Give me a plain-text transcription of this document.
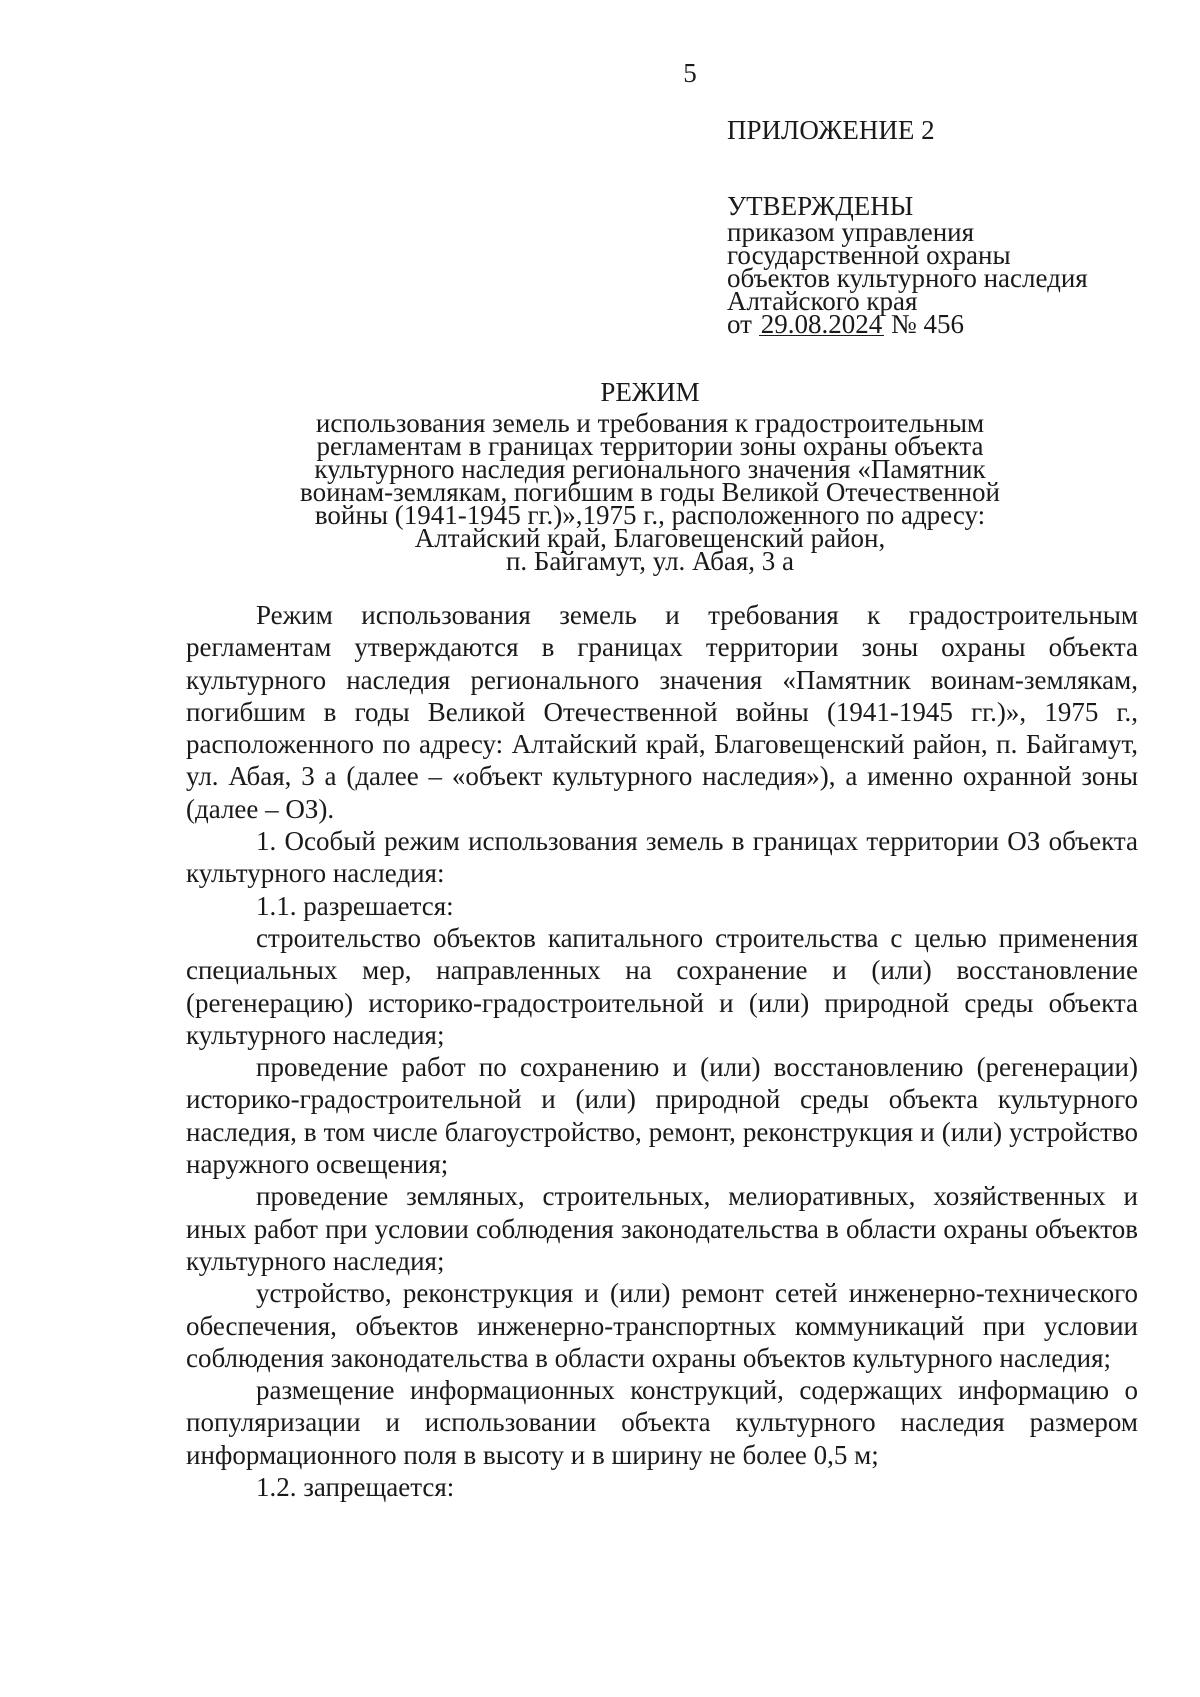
5

ПРИЛОЖЕНИЕ 2

УТВЕРЖДЕНЫ

приказом управления

государственной охраны

объектов культурного наследия

Алтайского края

от 29.08.2024 № 456

РЕЖИМ

использования земель и требования к градостроительным

регламентам в границах территории зоны охраны объекта

культурного наследия регионального значения «Памятник

воинам-землякам, погибшим в годы Великой Отечественной

войны (1941-1945 гг.)»,1975 г., расположенного по адресу:

Алтайский край, Благовещенский район,

п. Байгамут, ул. Абая, 3 а

Режим использования земель и требования к градостроительным регламентам утверждаются в границах территории зоны охраны объекта культурного наследия регионального значения «Памятник воинам-землякам, погибшим в годы Великой Отечественной войны (1941-1945 гг.)», 1975 г., расположенного по адресу: Алтайский край, Благовещенский район, п. Байгамут, ул. Абая, 3 а (далее – «объект культурного наследия»), а именно охранной зоны (далее – ОЗ).

1. Особый режим использования земель в границах территории ОЗ объекта культурного наследия:

1.1. разрешается:

строительство объектов капитального строительства с целью применения специальных мер, направленных на сохранение и (или) восстановление (регенерацию) историко-градостроительной и (или) природной среды объекта культурного наследия;

проведение работ по сохранению и (или) восстановлению (регенерации) историко-градостроительной и (или) природной среды объекта культурного наследия, в том числе благоустройство, ремонт, реконструкция и (или) устройство наружного освещения;

проведение земляных, строительных, мелиоративных, хозяйственных и иных работ при условии соблюдения законодательства в области охраны объектов культурного наследия;

устройство, реконструкция и (или) ремонт сетей инженерно-технического обеспечения, объектов инженерно-транспортных коммуникаций при условии соблюдения законодательства в области охраны объектов культурного наследия;

размещение информационных конструкций, содержащих информацию о популяризации и использовании объекта культурного наследия размером информационного поля в высоту и в ширину не более 0,5 м;

1.2. запрещается:
